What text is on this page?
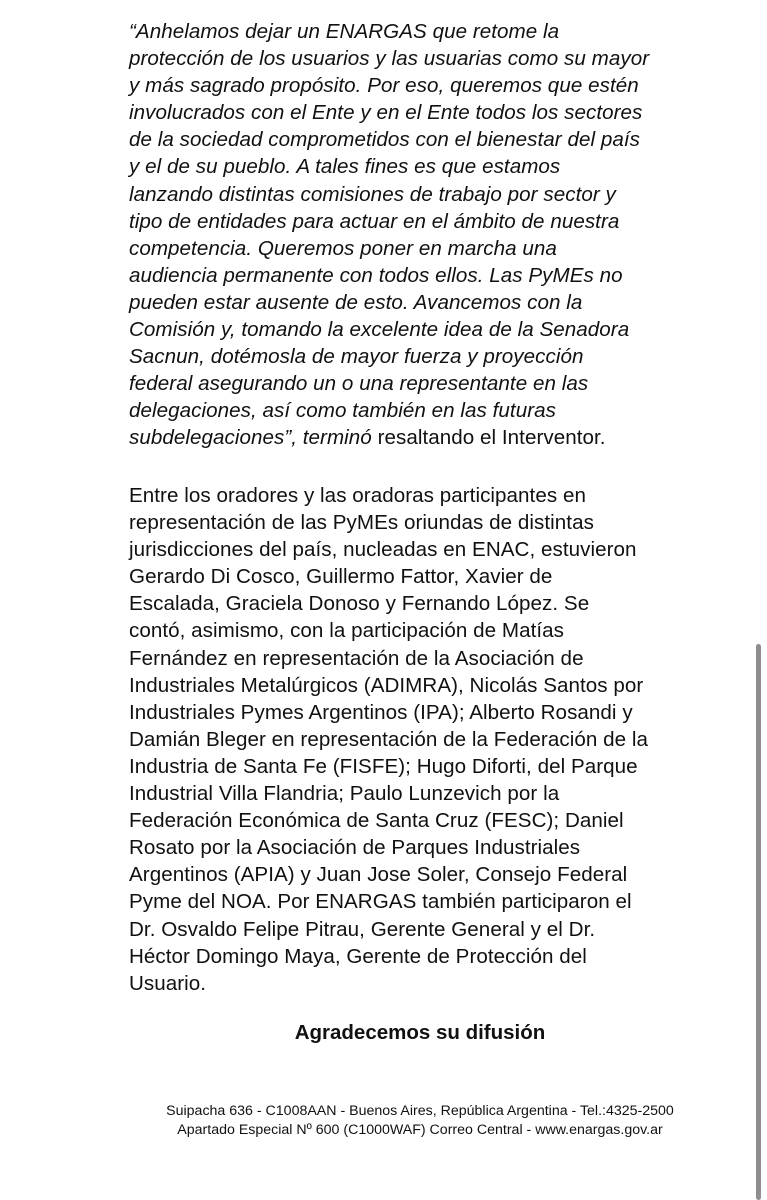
“Anhelamos dejar un ENARGAS que retome la
protección de los usuarios y las usuarias como su mayor
y más sagrado propósito. Por eso, queremos que estén
involucrados con el Ente y en el Ente todos los sectores
de la sociedad comprometidos con el bienestar del país
y el de su pueblo. A tales fines es que estamos
lanzando distintas comisiones de trabajo por sector y
tipo de entidades para actuar en el ámbito de nuestra
competencia. Queremos poner en marcha una
audiencia permanente con todos ellos. Las PyMEs no
pueden estar ausente de esto. Avancemos con la
Comisión y, tomando la excelente idea de la Senadora
Sacnun, dotémosla de mayor fuerza y proyección
federal asegurando un o una representante en las
delegaciones, así como también en las futuras
subdelegaciones”, terminó resaltando el Interventor.
Entre los oradores y las oradoras participantes en
representación de las PyMEs oriundas de distintas
jurisdicciones del país, nucleadas en ENAC, estuvieron
Gerardo Di Cosco, Guillermo Fattor, Xavier de
Escalada, Graciela Donoso y Fernando López. Se
contó, asimismo, con la participación de Matías
Fernández en representación de la Asociación de
Industriales Metalúrgicos (ADIMRA), Nicolás Santos por
Industriales Pymes Argentinos (IPA); Alberto Rosandi y
Damián Bleger en representación de la Federación de la
Industria de Santa Fe (FISFE); Hugo Diforti, del Parque
Industrial Villa Flandria; Paulo Lunzevich por la
Federación Económica de Santa Cruz (FESC); Daniel
Rosato por la Asociación de Parques Industriales
Argentinos (APIA) y Juan Jose Soler, Consejo Federal
Pyme del NOA. Por ENARGAS también participaron el
Dr. Osvaldo Felipe Pitrau, Gerente General y el Dr.
Héctor Domingo Maya, Gerente de Protección del
Usuario.
Agradecemos su difusión
Suipacha 636 - C1008AAN - Buenos Aires, República Argentina - Tel.:4325-2500
Apartado Especial Nº 600 (C1000WAF) Correo Central - www.enargas.gov.ar
